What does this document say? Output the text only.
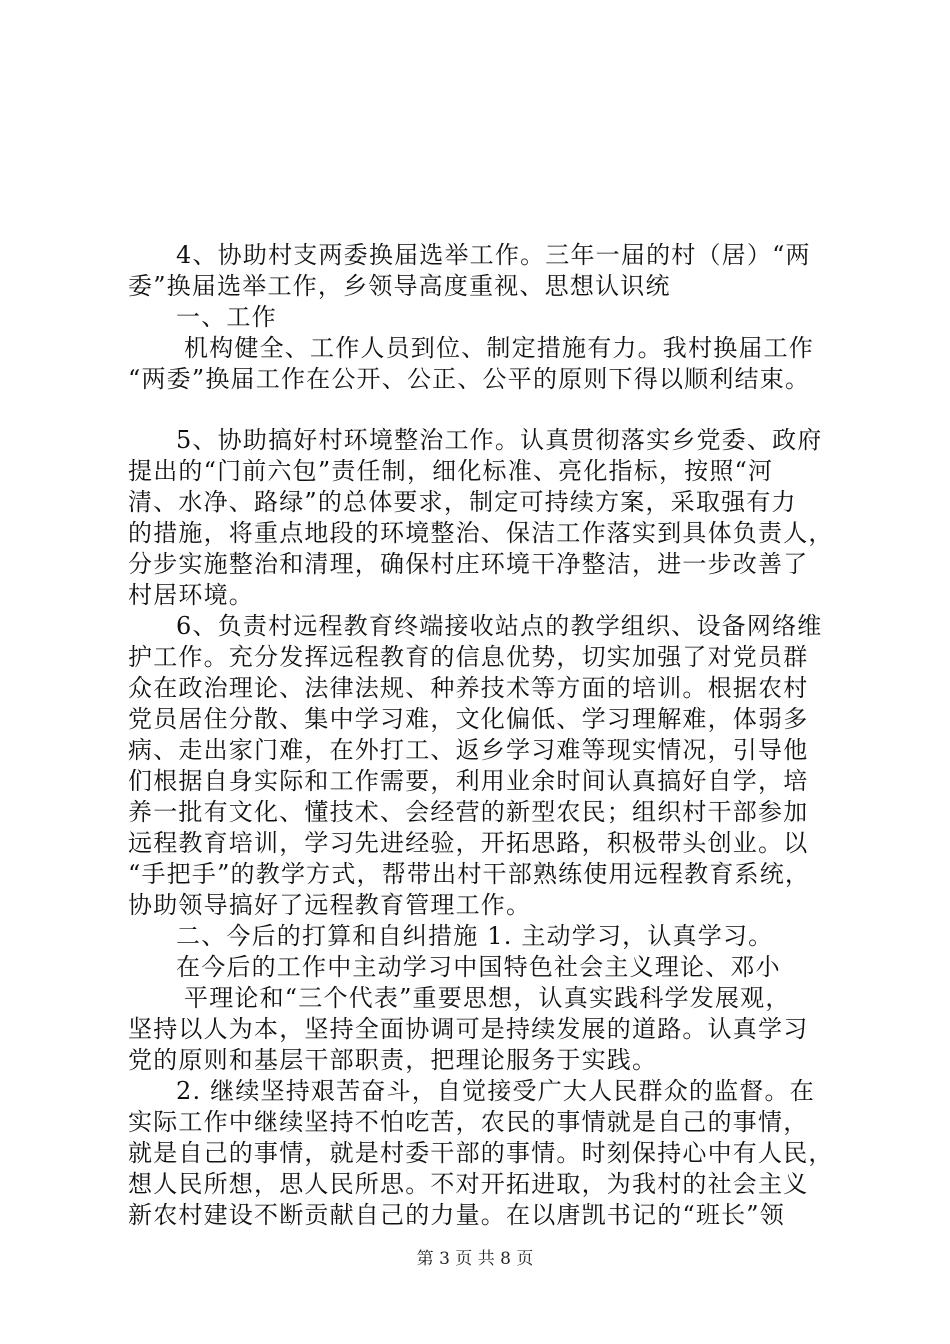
4、协助村支两委换届选举工作。三年一届的村（居）“两
委”换届选举工作，乡领导高度重视、思想认识统
一、工作
机构健全、工作人员到位、制定措施有力。我村换届工作
“两委”换届工作在公开、公正、公平的原则下得以顺利结束。
5、协助搞好村环境整治工作。认真贯彻落实乡党委、政府
提出的“门前六包”责任制，细化标准、亮化指标，按照“河
清、水净、路绿”的总体要求，制定可持续方案，采取强有力
的措施，将重点地段的环境整治、保洁工作落实到具体负责人，
分步实施整治和清理，确保村庄环境干净整洁，进一步改善了
村居环境。
6、负责村远程教育终端接收站点的教学组织、设备网络维
护工作。充分发挥远程教育的信息优势，切实加强了对党员群
众在政治理论、法律法规、种养技术等方面的培训。根据农村
党员居住分散、集中学习难，文化偏低、学习理解难，体弱多
病、走出家门难，在外打工、返乡学习难等现实情况，引导他
们根据自身实际和工作需要，利用业余时间认真搞好自学，培
养一批有文化、懂技术、会经营的新型农民；组织村干部参加
远程教育培训，学习先进经验，开拓思路，积极带头创业。以
“手把手”的教学方式，帮带出村干部熟练使用远程教育系统，
协助领导搞好了远程教育管理工作。
二、今后的打算和自纠措施 1. 主动学习，认真学习。
在今后的工作中主动学习中国特色社会主义理论、邓小
平理论和“三个代表”重要思想，认真实践科学发展观，
坚持以人为本，坚持全面协调可是持续发展的道路。认真学习
党的原则和基层干部职责，把理论服务于实践。
2. 继续坚持艰苦奋斗，自觉接受广大人民群众的监督。在
实际工作中继续坚持不怕吃苦，农民的事情就是自己的事情，
就是自己的事情，就是村委干部的事情。时刻保持心中有人民，
想人民所想，思人民所思。不对开拓进取，为我村的社会主义
新农村建设不断贡献自己的力量。在以唐凯书记的“班长”领
第 3 页 共 8 页
